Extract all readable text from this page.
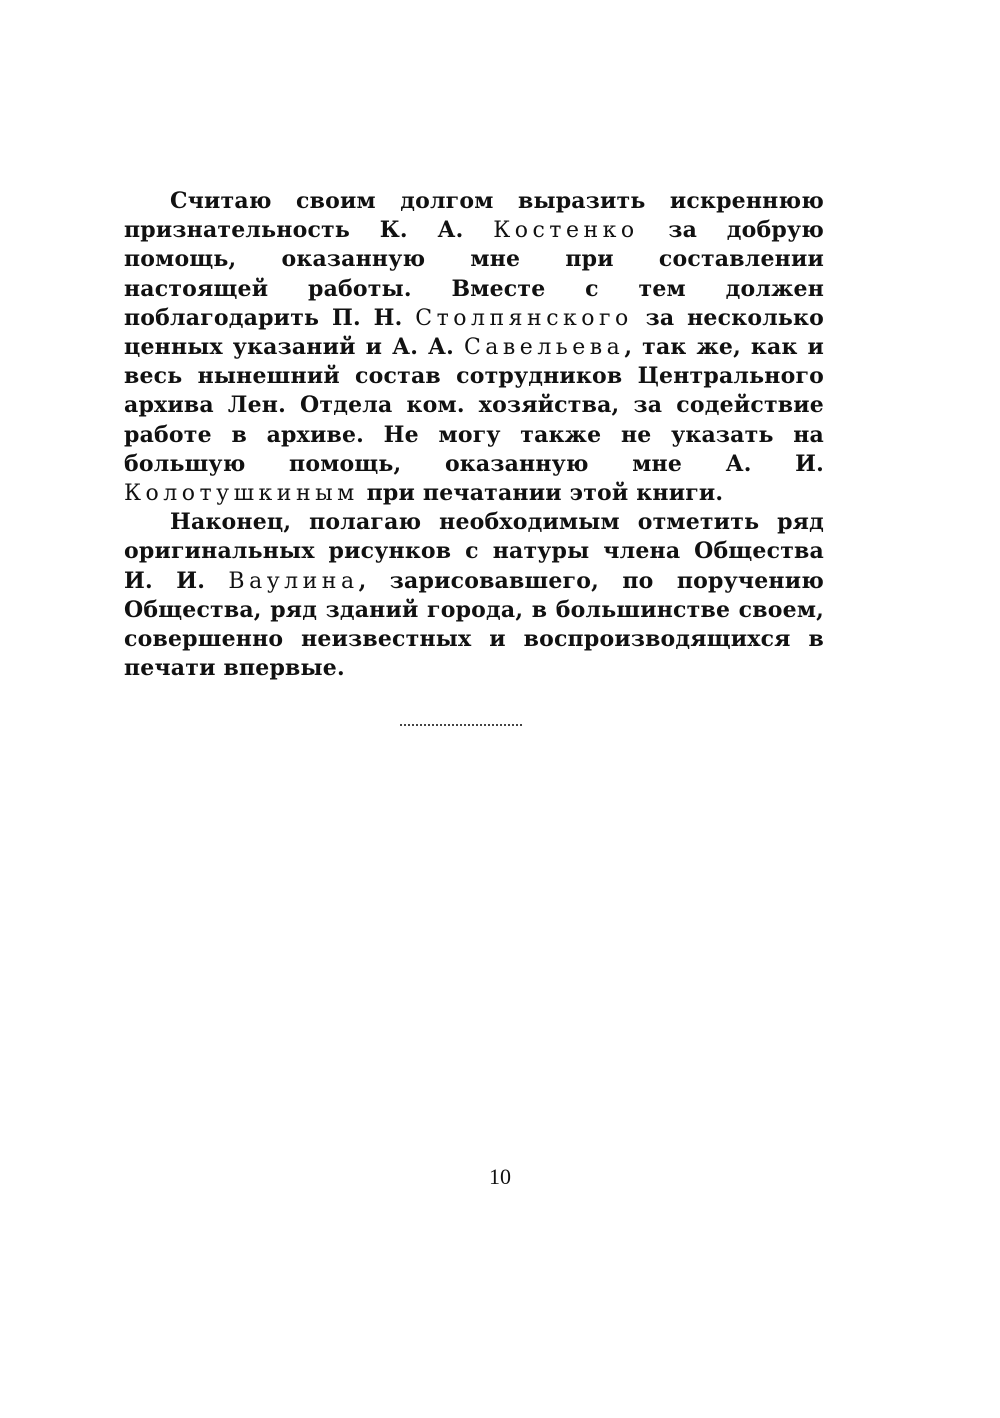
Считаю своим долгом выразить искреннюю признательность К. А. Костенко за добрую помощь, оказанную мне при составлении настоящей работы. Вместе с тем должен поблагодарить П. Н. Столпянского за несколько ценных указаний и А. А. Савельева, так же, как и весь нынешний состав сотрудников Центрального архива Лен. Отдела ком. хозяйства, за содействие работе в архиве. Не могу также не указать на большую помощь, оказанную мне А. И. Колотушкиным при печатании этой книги.

Наконец, полагаю необходимым отметить ряд оригинальных рисунков с натуры члена Общества И. И. Ваулина, зарисовавшего, по поручению Общества, ряд зданий города, в большинстве своем, совершенно неизвестных и воспроизводящихся в печати впервые.

10
